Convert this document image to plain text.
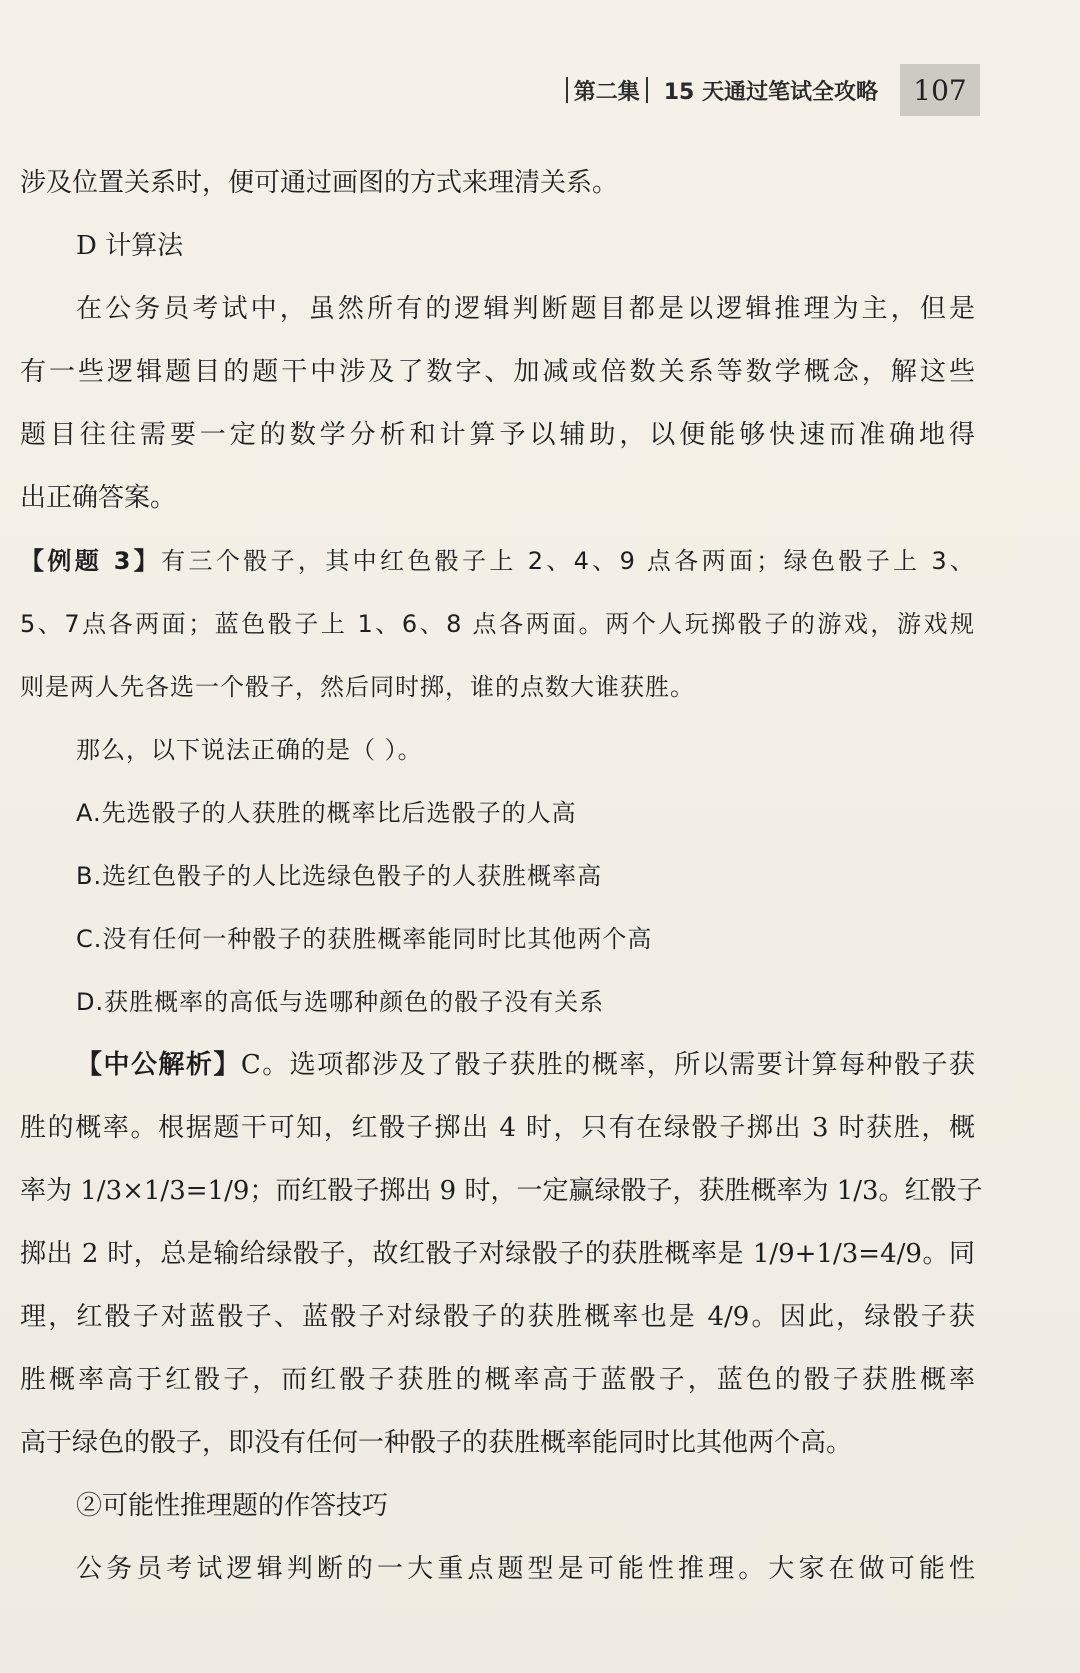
第二集 15 天通过笔试全攻略	107
涉及位置关系时，便可通过画图的方式来理清关系。
D 计算法
在公务员考试中，虽然所有的逻辑判断题目都是以逻辑推理为主，但是
有一些逻辑题目的题干中涉及了数字、加减或倍数关系等数学概念，解这些
题目往往需要一定的数学分析和计算予以辅助，以便能够快速而准确地得
出正确答案。
【例题 3】有三个骰子，其中红色骰子上 2、4、9 点各两面；绿色骰子上 3、
5、7点各两面；蓝色骰子上 1、6、8 点各两面。两个人玩掷骰子的游戏，游戏规
则是两人先各选一个骰子，然后同时掷，谁的点数大谁获胜。
那么，以下说法正确的是（ ）。
A.先选骰子的人获胜的概率比后选骰子的人高
B.选红色骰子的人比选绿色骰子的人获胜概率高
C.没有任何一种骰子的获胜概率能同时比其他两个高
D.获胜概率的高低与选哪种颜色的骰子没有关系
【中公解析】C。选项都涉及了骰子获胜的概率，所以需要计算每种骰子获
胜的概率。根据题干可知，红骰子掷出 4 时，只有在绿骰子掷出 3 时获胜，概
率为 1/3×1/3=1/9；而红骰子掷出 9 时，一定赢绿骰子，获胜概率为 1/3。红骰子
掷出 2 时，总是输给绿骰子，故红骰子对绿骰子的获胜概率是 1/9+1/3=4/9。同
理，红骰子对蓝骰子、蓝骰子对绿骰子的获胜概率也是 4/9。因此，绿骰子获
胜概率高于红骰子，而红骰子获胜的概率高于蓝骰子，蓝色的骰子获胜概率
高于绿色的骰子，即没有任何一种骰子的获胜概率能同时比其他两个高。
②可能性推理题的作答技巧
公务员考试逻辑判断的一大重点题型是可能性推理。大家在做可能性
